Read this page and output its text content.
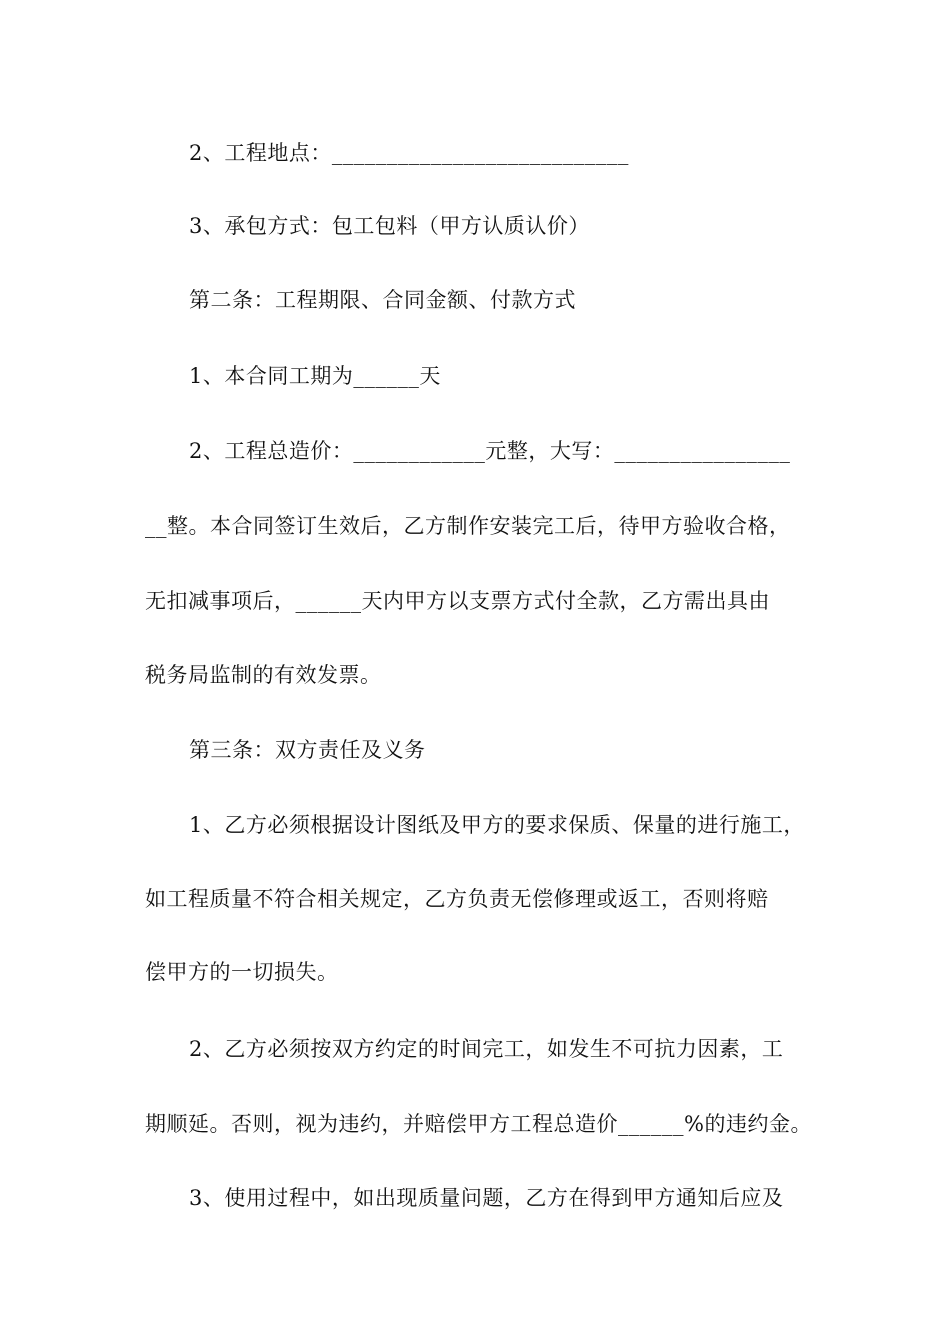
2、工程地点：___________________________
3、承包方式：包工包料（甲方认质认价）
第二条：工程期限、合同金额、付款方式
1、本合同工期为______天
2、工程总造价：____________元整，大写：________________
__整。本合同签订生效后，乙方制作安装完工后，待甲方验收合格，
无扣减事项后，______天内甲方以支票方式付全款，乙方需出具由
税务局监制的有效发票。
第三条：双方责任及义务
1、乙方必须根据设计图纸及甲方的要求保质、保量的进行施工，
如工程质量不符合相关规定，乙方负责无偿修理或返工，否则将赔
偿甲方的一切损失。
2、乙方必须按双方约定的时间完工，如发生不可抗力因素，工
期顺延。否则，视为违约，并赔偿甲方工程总造价______%的违约金。
3、使用过程中，如出现质量问题，乙方在得到甲方通知后应及
